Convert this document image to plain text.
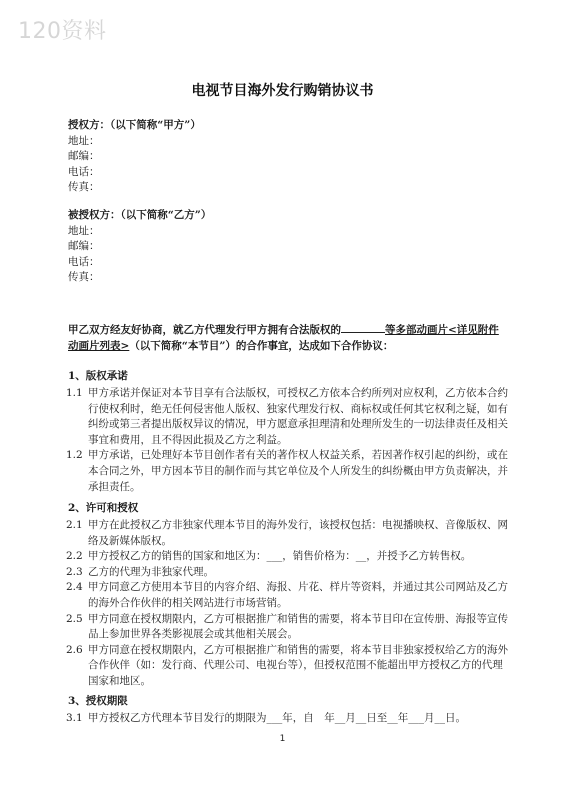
120资料
电视节目海外发行购销协议书
授权方：（以下简称“甲方”）
地址：
邮编：
电话：
传真：
被授权方：（以下简称“乙方”）
地址：
邮编：
电话：
传真：
甲乙双方经友好协商，就乙方代理发行甲方拥有合法版权的	等多部动画片<详见附件动画片列表>（以下简称“本节目”）的合作事宜，达成如下合作协议：
1、版权承诺
1.1 甲方承诺并保证对本节目享有合法版权，可授权乙方依本合约所列对应权利，乙方依本合约行使权利时，绝无任何侵害他人版权、独家代理发行权、商标权或任何其它权利之疑，如有纠纷或第三者提出版权异议的情况，甲方愿意承担理清和处理所发生的一切法律责任及相关事宜和费用，且不得因此损及乙方之利益。
1.2 甲方承诺，已处理好本节目创作者有关的著作权人权益关系，若因著作权引起的纠纷，或在本合同之外，甲方因本节目的制作而与其它单位及个人所发生的纠纷概由甲方负责解决，并承担责任。
2、许可和授权
2.1 甲方在此授权乙方非独家代理本节目的海外发行，该授权包括：电视播映权、音像版权、网络及新媒体版权。
2.2 甲方授权乙方的销售的国家和地区为：___，销售价格为：__，并授予乙方转售权。
2.3 乙方的代理为非独家代理。
2.4 甲方同意乙方使用本节目的内容介绍、海报、片花、样片等资料，并通过其公司网站及乙方的海外合作伙伴的相关网站进行市场营销。
2.5 甲方同意在授权期限内，乙方可根据推广和销售的需要，将本节目印在宣传册、海报等宣传品上参加世界各类影视展会或其他相关展会。
2.6 甲方同意在授权期限内，乙方可根据推广和销售的需要，将本节目非独家授权给乙方的海外合作伙伴（如：发行商、代理公司、电视台等），但授权范围不能超出甲方授权乙方的代理国家和地区。
3、授权期限
3.1 甲方授权乙方代理本节目发行的期限为___年，自　年__月__日至__年___月__日。
1
